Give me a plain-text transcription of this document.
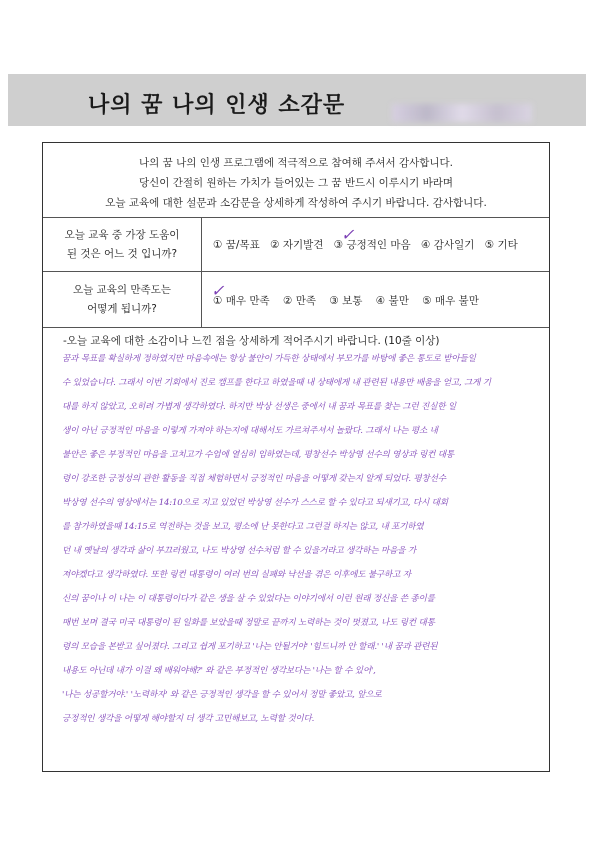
나의 꿈 나의 인생 소감문
나의 꿈 나의 인생 프로그램에 적극적으로 참여해 주셔서 감사합니다.
당신이 간절히 원하는 가치가 들어있는 그 꿈 반드시 이루시기 바라며
오늘 교육에 대한 설문과 소감문을 상세하게 작성하여 주시기 바랍니다. 감사합니다.
오늘 교육 중 가장 도움이
된 것은 어느 것 입니까?
① 꿈/목표 ② 자기발견 ③ 긍정적인 마음 ④ 감사일기 ⑤ 기타
✓
오늘 교육의 만족도는
어떻게 됩니까?
① 매우 만족 ② 만족 ③ 보통 ④ 불만 ⑤ 매우 불만
✓
-오늘 교육에 대한 소감이나 느낀 점을 상세하게 적어주시기 바랍니다. (10줄 이상)
꿈과 목표를 확실하게 정하였지만 마음속에는 항상 불안이 가득한 상태에서 부모가를 바탕에 좋은 통도로 받아들일
수 있었습니다. 그래서 이번 기회에서 진로 캠프를 한다고 하였을때 내 상태에게 내 관련된 내용만 배움을 얻고, 그게 기
대를 하지 않았고, 오히려 가볍게 생각하였다. 하지만 박상 선생은 중에서 내 꿈과 목표를 찾는 그런 진실한 일
생이 아닌 긍정적인 마음을 이렇게 가져야 하는지에 대해서도 가르쳐주셔서 놀랐다. 그래서 나는 평소 내
불안은 좋은 부정적인 마음을 고치고가 수업에 열심히 임하였는데, 평창선수 박상영 선수의 영상과 링컨 대통
령이 강조한 긍정성의 관한 활동을 직접 체험하면서 긍정적인 마음을 어떻게 갖는지 알게 되었다. 평창선수
박상영 선수의 영상에서는 14:10으로 지고 있었던 박상영 선수가 스스로 할 수 있다고 되새기고, 다시 대회
를 참가하였을때 14:15로 역전하는 것을 보고, 평소에 난 못한다고 그런걸 하지는 않고, 내 포기하였
던 내 옛날의 생각과 삶이 부끄러웠고, 나도 박상영 선수처럼 할 수 있을거라고 생각하는 마음을 가
져야겠다고 생각하였다. 또한 링컨 대통령이 여러 번의 실패와 낙선을 겪은 이후에도 불구하고 자
신의 꿈이나 이 나는 이 대통령이다가 같은 생을 살 수 있었다는 이야기에서 이런 원래 정신을 쓴 종이를
매번 보며 결국 미국 대통령이 된 일화를 보았을때 정말로 끝까지 노력하는 것이 멋졌고, 나도 링컨 대통
령의 모습을 본받고 싶어졌다. 그리고 쉽게 포기하고 '나는 안될거야' '힘드니까 안 할래.' '내 꿈과 관련된
내용도 아닌데 내가 이걸 왜 배워야해?' 와 같은 부정적인 생각보다는 '나는 할 수 있어',
'나는 성공할거야.' '노력하자' 와 같은 긍정적인 생각을 할 수 있어서 정말 좋았고, 앞으로
긍정적인 생각을 어떻게 해야할지 더 생각 고민해보고, 노력할 것이다.
